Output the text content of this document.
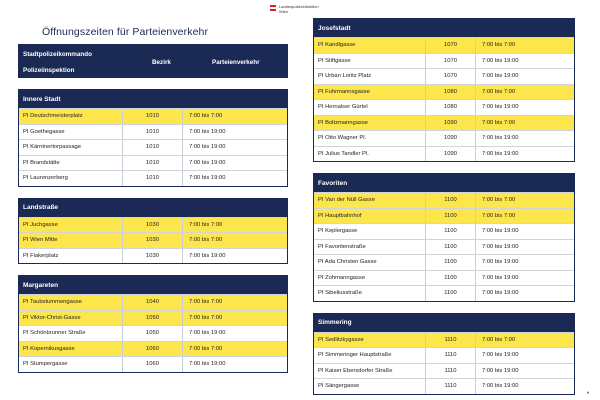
Landespolizeidirektion
Wien
Öffnungszeiten für Parteienverkehr
Stadtpolizeikommando
Polizeiinspektion
Bezirk	Parteienverkehr
Innere Stadt
PI Deutschmeisterplatz	1010	7:00 bis 7:00
PI Goethegasse	1010	7:00 bis 19:00
PI Kärntnertorpassage	1010	7:00 bis 19:00
PI Brandstätte	1010	7:00 bis 19:00
PI Laurenzerberg	1010	7:00 bis 19:00
Landstraße
PI Juchgasse	1030	7:00 bis 7:00
PI Wien Mitte	1030	7:00 bis 7:00
PI Fiakerplatz	1030	7:00 bis 19:00
Margareten
PI Taubstummengasse	1040	7:00 bis 7:00
PI Viktor-Christ-Gasse	1050	7:00 bis 7:00
PI Schönbrunner Straße	1050	7:00 bis 19:00
PI Kopernikusgasse	1060	7:00 bis 7:00
PI Stumpergasse	1060	7:00 bis 19:00
Josefstadt
PI Kandlgasse	1070	7:00 bis 7:00
PI Stiftgasse	1070	7:00 bis 19:00
PI Urban Loritz Platz	1070	7:00 bis 19:00
PI Fuhrmannsgasse	1080	7:00 bis 7:00
PI Hernalser Gürtel	1080	7:00 bis 19:00
PI Boltzmanngasse	1090	7:00 bis 7:00
PI Otto Wagner Pl.	1090	7:00 bis 19:00
PI Julius Tandler Pl.	1090	7:00 bis 19:00
Favoriten
PI Van der Nüll Gasse	1100	7:00 bis 7:00
PI Hauptbahnhof	1100	7:00 bis 7:00
PI Keplergasse	1100	7:00 bis 19:00
PI Favoritenstraße	1100	7:00 bis 19:00
PI Ada Christen Gasse	1100	7:00 bis 19:00
PI Zohmanngasse	1100	7:00 bis 19:00
PI Sibeliusstraße	1100	7:00 bis 19:00
Simmering
PI Sedlitzkygasse	1110	7:00 bis 7:00
PI Simmeringer Hauptstraße	1110	7:00 bis 19:00
PI Kaiser Ebersdorfer Straße	1110	7:00 bis 19:00
PI Sängergasse	1110	7:00 bis 19:00
◐
